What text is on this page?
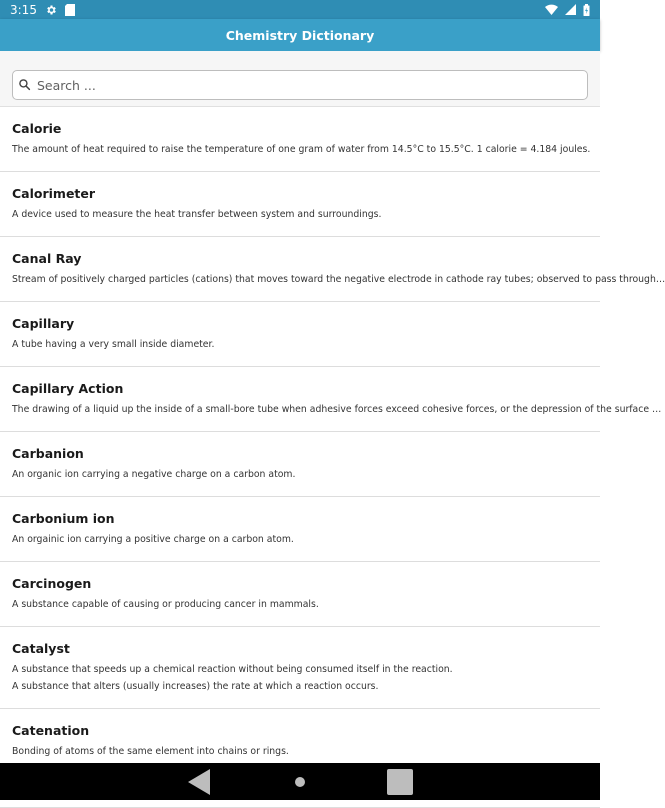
3:15
Chemistry Dictionary
Search ...
Calorie
The amount of heat required to raise the temperature of one gram of water from 14.5°C to 15.5°C. 1 calorie = 4.184 joules.
Calorimeter
A device used to measure the heat transfer between system and surroundings.
Canal Ray
Stream of positively charged particles (cations) that moves toward the negative electrode in cathode ray tubes; observed to pass through…
Capillary
A tube having a very small inside diameter.
Capillary Action
The drawing of a liquid up the inside of a small-bore tube when adhesive forces exceed cohesive forces, or the depression of the surface …
Carbanion
An organic ion carrying a negative charge on a carbon atom.
Carbonium ion
An orgainic ion carrying a positive charge on a carbon atom.
Carcinogen
A substance capable of causing or producing cancer in mammals.
Catalyst
A substance that speeds up a chemical reaction without being consumed itself in the reaction.
A substance that alters (usually increases) the rate at which a reaction occurs.
Catenation
Bonding of atoms of the same element into chains or rings.
